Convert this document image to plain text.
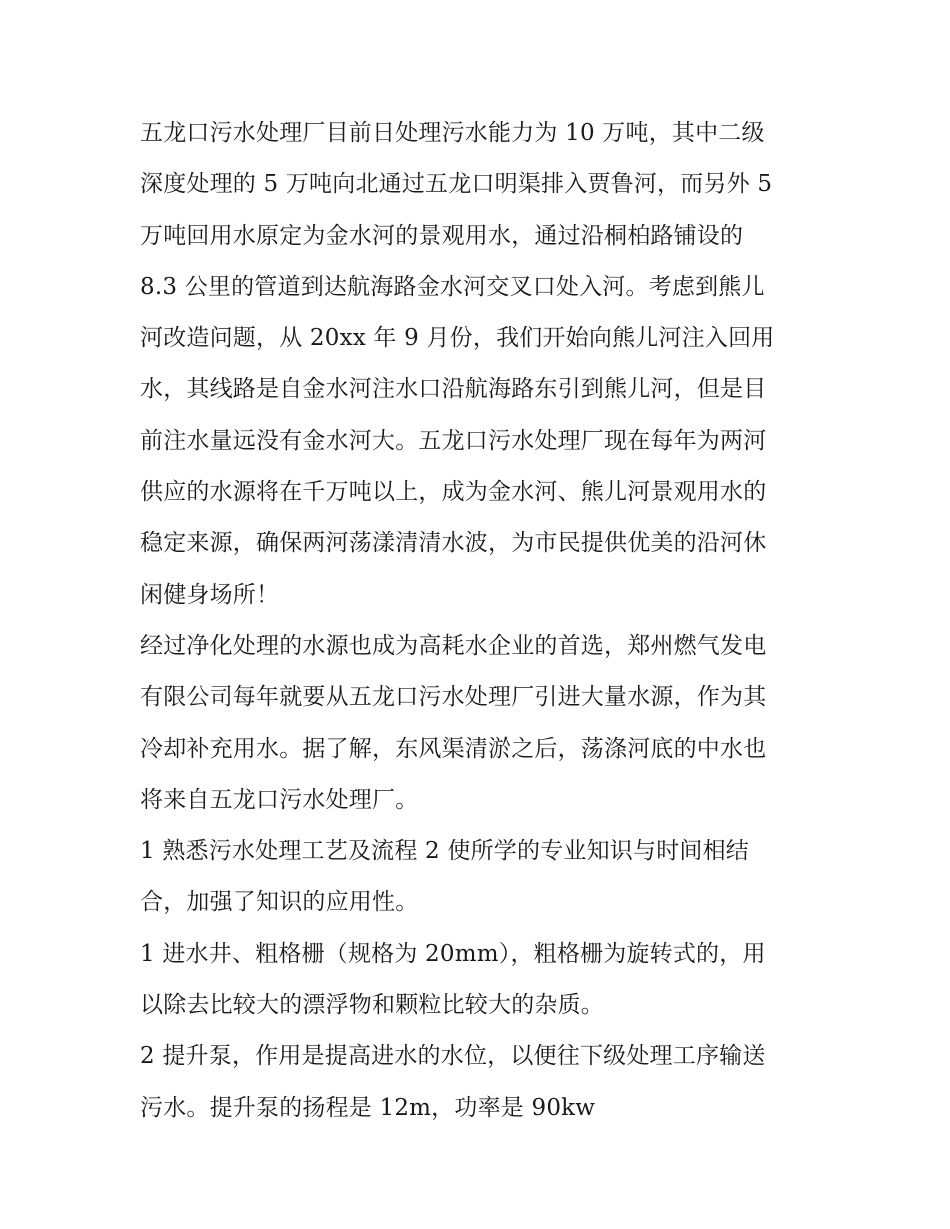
五龙口污水处理厂目前日处理污水能力为 10 万吨，其中二级
深度处理的 5 万吨向北通过五龙口明渠排入贾鲁河，而另外 5
万吨回用水原定为金水河的景观用水，通过沿桐柏路铺设的
8.3 公里的管道到达航海路金水河交叉口处入河。考虑到熊儿
河改造问题，从 20xx 年 9 月份，我们开始向熊儿河注入回用
水，其线路是自金水河注水口沿航海路东引到熊儿河，但是目
前注水量远没有金水河大。五龙口污水处理厂现在每年为两河
供应的水源将在千万吨以上，成为金水河、熊儿河景观用水的
稳定来源，确保两河荡漾清清水波，为市民提供优美的沿河休
闲健身场所！

经过净化处理的水源也成为高耗水企业的首选，郑州燃气发电
有限公司每年就要从五龙口污水处理厂引进大量水源，作为其
冷却补充用水。据了解，东风渠清淤之后，荡涤河底的中水也
将来自五龙口污水处理厂。

1 熟悉污水处理工艺及流程 2 使所学的专业知识与时间相结
合，加强了知识的应用性。

1 进水井、粗格栅（规格为 20mm），粗格栅为旋转式的，用
以除去比较大的漂浮物和颗粒比较大的杂质。

2 提升泵，作用是提高进水的水位，以便往下级处理工序输送
污水。提升泵的扬程是 12m，功率是 90kw
